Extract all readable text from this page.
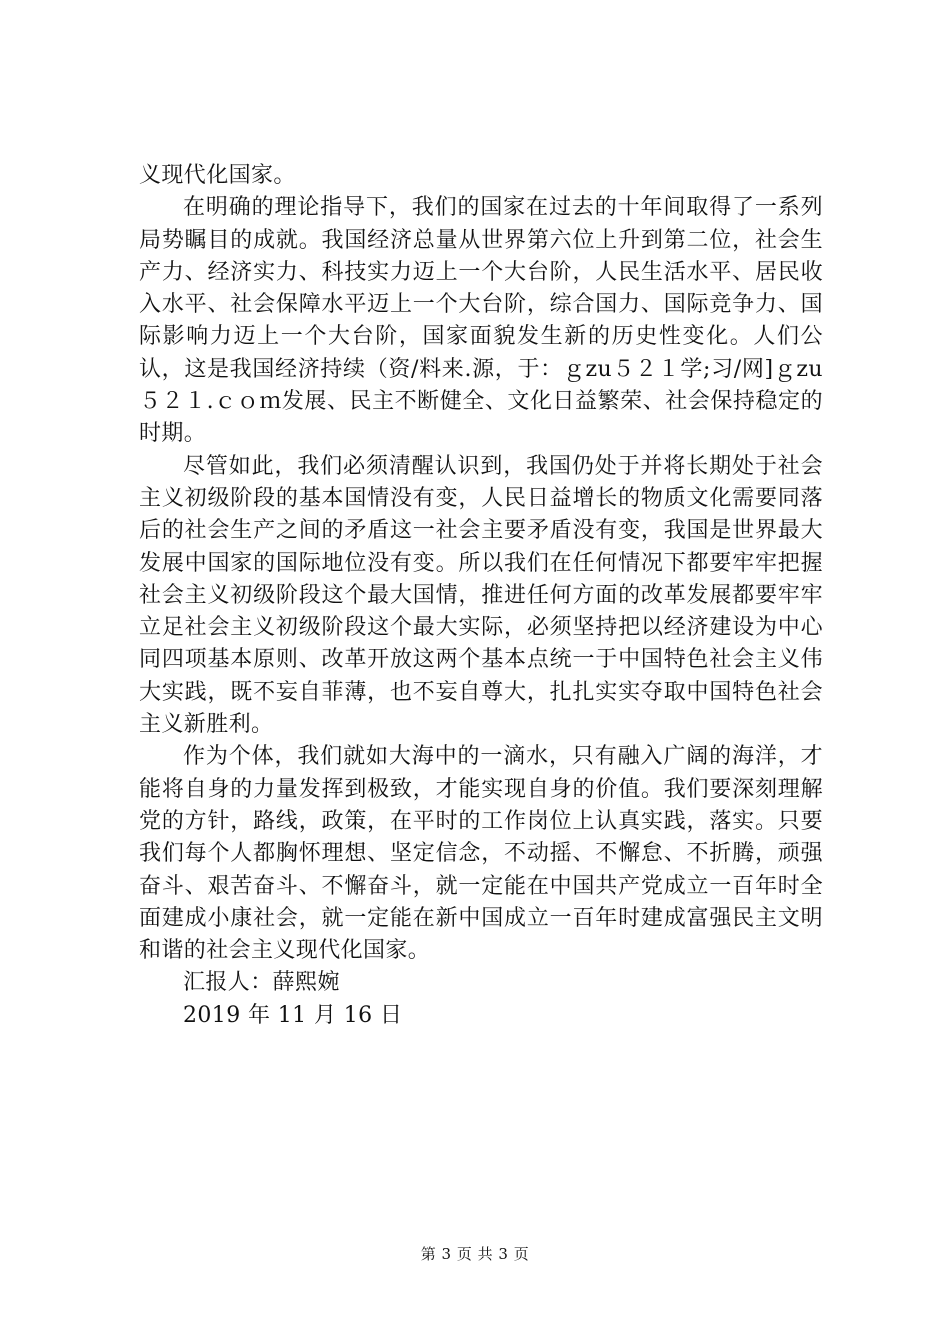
义现代化国家。

在明确的理论指导下，我们的国家在过去的十年间取得了一系列局势瞩目的成就。我国经济总量从世界第六位上升到第二位，社会生产力、经济实力、科技实力迈上一个大台阶，人民生活水平、居民收入水平、社会保障水平迈上一个大台阶，综合国力、国际竞争力、国际影响力迈上一个大台阶，国家面貌发生新的历史性变化。人们公认，这是我国经济持续（资/料来.源，于：ｇzu５２１学;习/网]ｇzu５２１.ｃｏｍ发展、民主不断健全、文化日益繁荣、社会保持稳定的时期。

尽管如此，我们必须清醒认识到，我国仍处于并将长期处于社会主义初级阶段的基本国情没有变，人民日益增长的物质文化需要同落后的社会生产之间的矛盾这一社会主要矛盾没有变，我国是世界最大发展中国家的国际地位没有变。所以我们在任何情况下都要牢牢把握社会主义初级阶段这个最大国情，推进任何方面的改革发展都要牢牢立足社会主义初级阶段这个最大实际，必须坚持把以经济建设为中心同四项基本原则、改革开放这两个基本点统一于中国特色社会主义伟大实践，既不妄自菲薄，也不妄自尊大，扎扎实实夺取中国特色社会主义新胜利。

作为个体，我们就如大海中的一滴水，只有融入广阔的海洋，才能将自身的力量发挥到极致，才能实现自身的价值。我们要深刻理解党的方针，路线，政策，在平时的工作岗位上认真实践，落实。只要我们每个人都胸怀理想、坚定信念，不动摇、不懈怠、不折腾，顽强奋斗、艰苦奋斗、不懈奋斗，就一定能在中国共产党成立一百年时全面建成小康社会，就一定能在新中国成立一百年时建成富强民主文明和谐的社会主义现代化国家。

汇报人：薛熙婉

2019 年 11 月 16 日

第 3 页 共 3 页
